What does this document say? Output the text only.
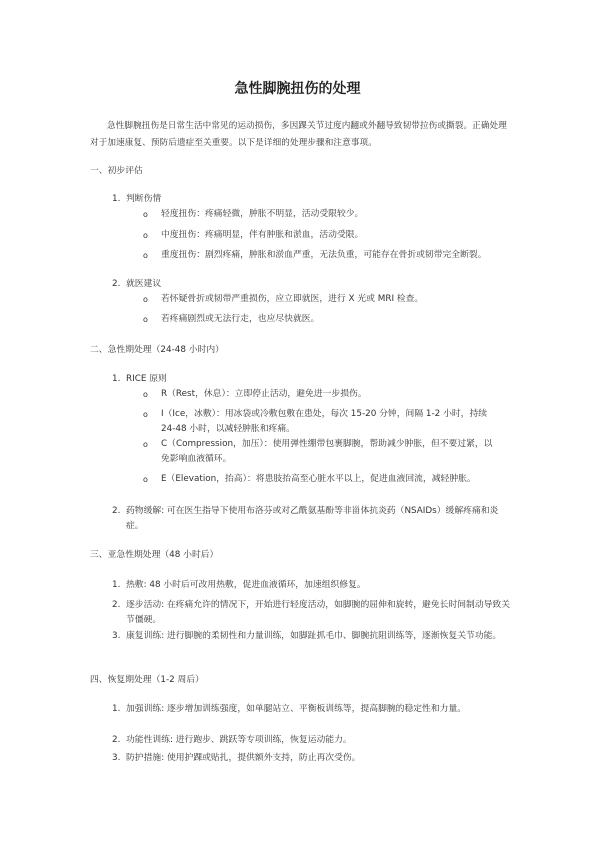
急性脚腕扭伤的处理
急性脚腕扭伤是日常生活中常见的运动损伤，多因踝关节过度内翻或外翻导致韧带拉伤或撕裂。正确处理对于加速康复、预防后遗症至关重要。以下是详细的处理步骤和注意事项。
一、初步评估
1. 判断伤情
o 轻度扭伤：疼痛轻微，肿胀不明显，活动受限较少。
o 中度扭伤：疼痛明显，伴有肿胀和淤血，活动受限。
o 重度扭伤：剧烈疼痛，肿胀和淤血严重，无法负重，可能存在骨折或韧带完全断裂。
2. 就医建议
o 若怀疑骨折或韧带严重损伤，应立即就医，进行 X 光或 MRI 检查。
o 若疼痛剧烈或无法行走，也应尽快就医。
二、急性期处理（24-48 小时内）
1. RICE 原则
o R（Rest，休息）：立即停止活动，避免进一步损伤。
o I（Ice，冰敷）：用冰袋或冷敷包敷在患处，每次 15-20 分钟，间隔 1-2 小时，持续 24-48 小时，以减轻肿胀和疼痛。
o C（Compression，加压）：使用弹性绷带包裹脚腕，帮助减少肿胀，但不要过紧，以免影响血液循环。
o E（Elevation，抬高）：将患肢抬高至心脏水平以上，促进血液回流，减轻肿胀。
2. 药物缓解: 可在医生指导下使用布洛芬或对乙酰氨基酚等非甾体抗炎药（NSAIDs）缓解疼痛和炎症。
三、亚急性期处理（48 小时后）
1. 热敷: 48 小时后可改用热敷，促进血液循环，加速组织修复。
2. 逐步活动: 在疼痛允许的情况下，开始进行轻度活动，如脚腕的屈伸和旋转，避免长时间制动导致关节僵硬。
3. 康复训练: 进行脚腕的柔韧性和力量训练，如脚趾抓毛巾、脚腕抗阻训练等，逐渐恢复关节功能。
四、恢复期处理（1-2 周后）
1. 加强训练: 逐步增加训练强度，如单腿站立、平衡板训练等，提高脚腕的稳定性和力量。
2. 功能性训练: 进行跑步、跳跃等专项训练，恢复运动能力。
3. 防护措施: 使用护踝或贴扎，提供额外支持，防止再次受伤。
